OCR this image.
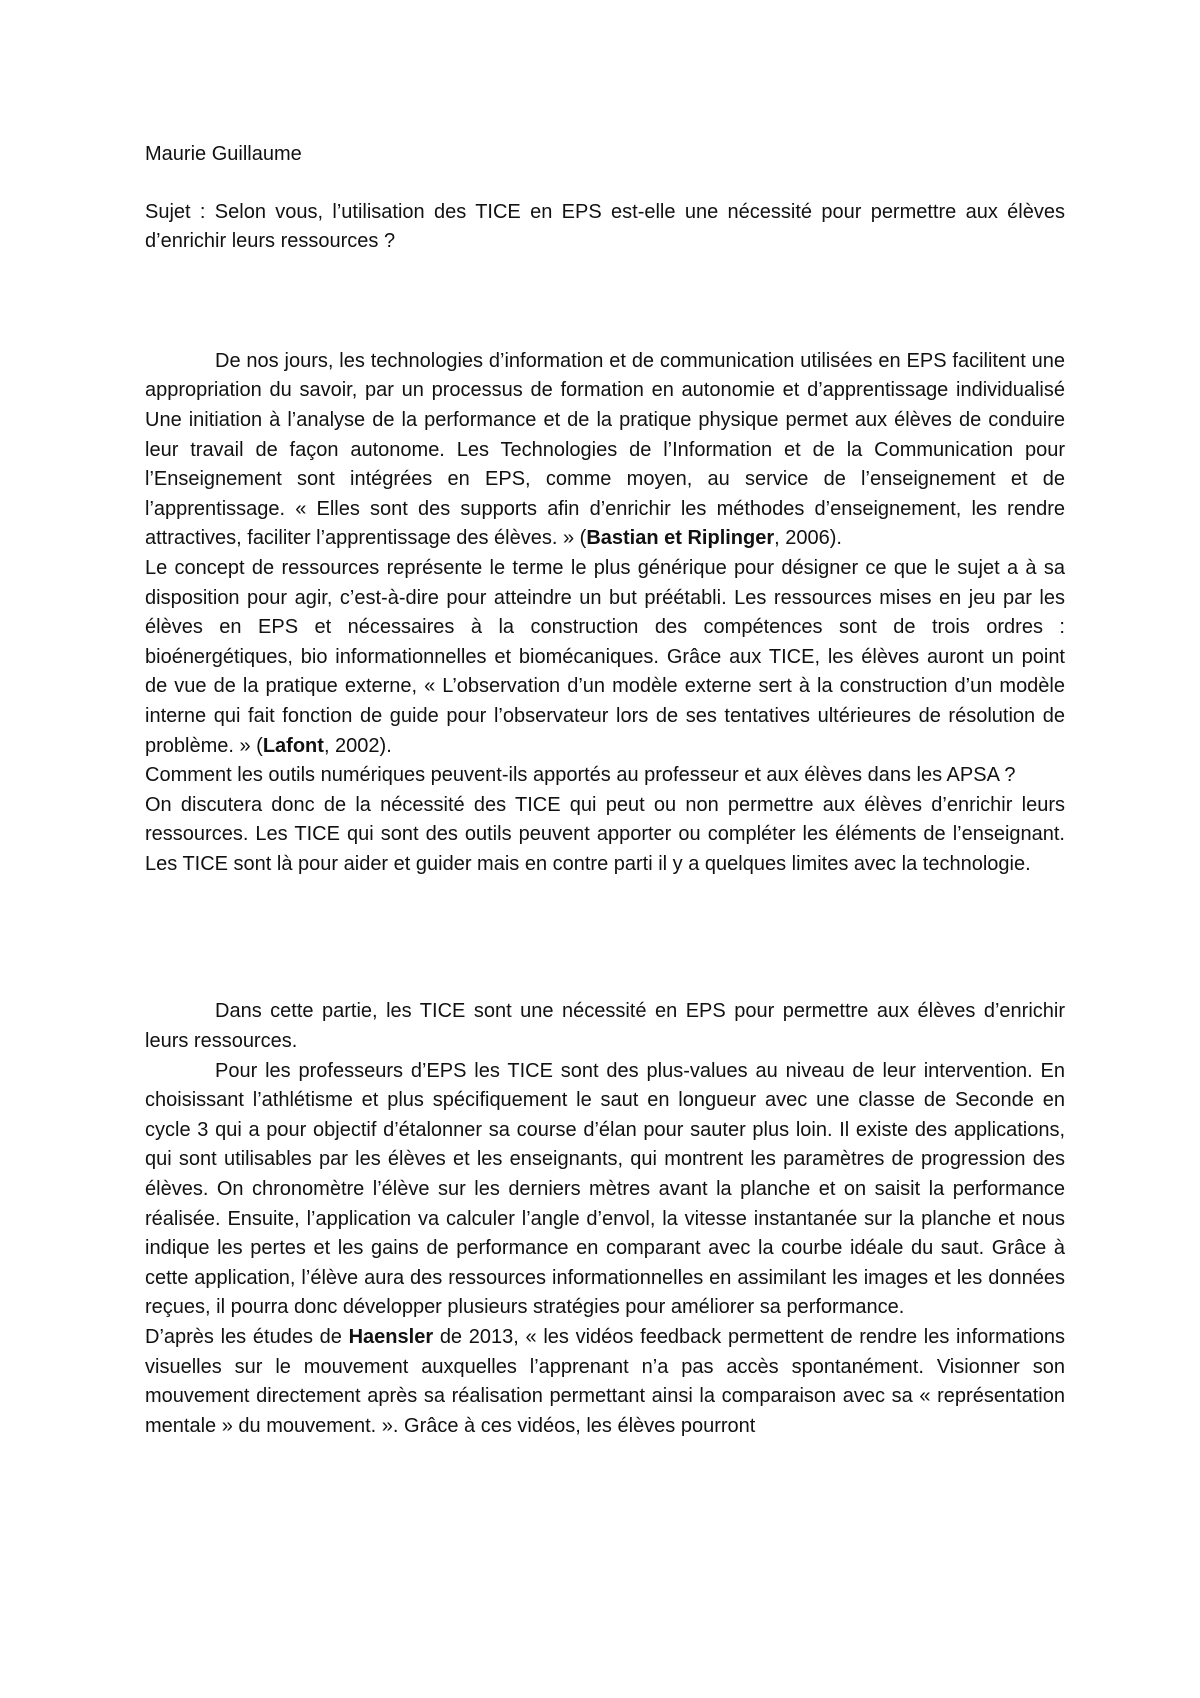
Maurie Guillaume

Sujet : Selon vous, l’utilisation des TICE en EPS est-elle une nécessité pour permettre aux élèves d’enrichir leurs ressources ?

De nos jours, les technologies d’information et de communication utilisées en EPS facilitent une appropriation du savoir, par un processus de formation en autonomie et d’apprentissage individualisé Une initiation à l’analyse de la performance et de la pratique physique permet aux élèves de conduire leur travail de façon autonome. Les Technologies de l’Information et de la Communication pour l’Enseignement sont intégrées en EPS, comme moyen, au service de l’enseignement et de l’apprentissage. « Elles sont des supports afin d’enrichir les méthodes d’enseignement, les rendre attractives, faciliter l’apprentissage des élèves. » (Bastian et Riplinger, 2006).

Le concept de ressources représente le terme le plus générique pour désigner ce que le sujet a à sa disposition pour agir, c’est-à-dire pour atteindre un but préétabli. Les ressources mises en jeu par les élèves en EPS et nécessaires à la construction des compétences sont de trois ordres : bioénergétiques, bio informationnelles et biomécaniques. Grâce aux TICE, les élèves auront un point de vue de la pratique externe, « L’observation d’un modèle externe sert à la construction d’un modèle interne qui fait fonction de guide pour l’observateur lors de ses tentatives ultérieures de résolution de problème. » (Lafont, 2002).

Comment les outils numériques peuvent-ils apportés au professeur et aux élèves dans les APSA ?

On discutera donc de la nécessité des TICE qui peut ou non permettre aux élèves d’enrichir leurs ressources. Les TICE qui sont des outils peuvent apporter ou compléter les éléments de l’enseignant. Les TICE sont là pour aider et guider mais en contre parti il y a quelques limites avec la technologie.

Dans cette partie, les TICE sont une nécessité en EPS pour permettre aux élèves d’enrichir leurs ressources.

Pour les professeurs d’EPS les TICE sont des plus-values au niveau de leur intervention. En choisissant l’athlétisme et plus spécifiquement le saut en longueur avec une classe de Seconde en cycle 3 qui a pour objectif d’étalonner sa course d’élan pour sauter plus loin. Il existe des applications, qui sont utilisables par les élèves et les enseignants, qui montrent les paramètres de progression des élèves. On chronomètre l’élève sur les derniers mètres avant la planche et on saisit la performance réalisée. Ensuite, l’application va calculer l’angle d’envol, la vitesse instantanée sur la planche et nous indique les pertes et les gains de performance en comparant avec la courbe idéale du saut. Grâce à cette application, l’élève aura des ressources informationnelles en assimilant les images et les données reçues, il pourra donc développer plusieurs stratégies pour améliorer sa performance.

D’après les études de Haensler de 2013, « les vidéos feedback permettent de rendre les informations visuelles sur le mouvement auxquelles l’apprenant n’a pas accès spontanément. Visionner son mouvement directement après sa réalisation permettant ainsi la comparaison avec sa « représentation mentale » du mouvement. ». Grâce à ces vidéos, les élèves pourront
